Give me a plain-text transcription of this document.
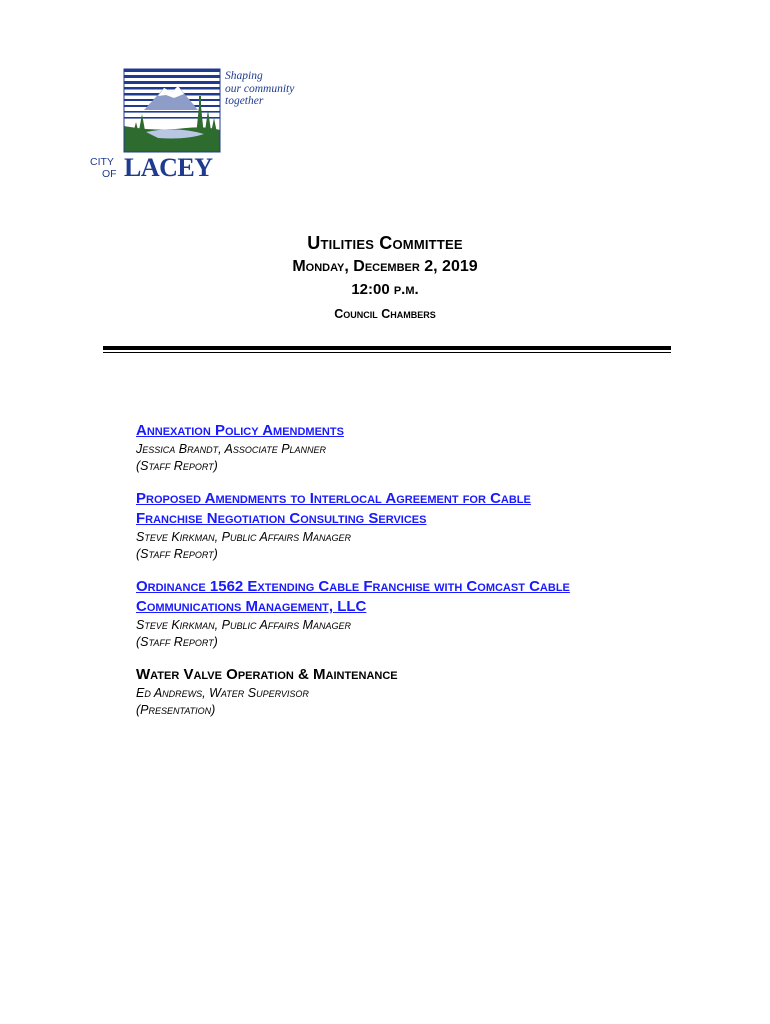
CITY
OF LACEY
Shaping
our community
together
Utilities Committee
Monday, December 2, 2019
12:00 p.m.
Council Chambers
Annexation Policy Amendments
Jessica Brandt, Associate Planner
(Staff Report)
Proposed Amendments to Interlocal Agreement for Cable
Franchise Negotiation Consulting Services
Steve Kirkman, Public Affairs Manager
(Staff Report)
Ordinance 1562 Extending Cable Franchise with Comcast Cable
Communications Management, LLC
Steve Kirkman, Public Affairs Manager
(Staff Report)
Water Valve Operation & Maintenance
Ed Andrews, Water Supervisor
(Presentation)
